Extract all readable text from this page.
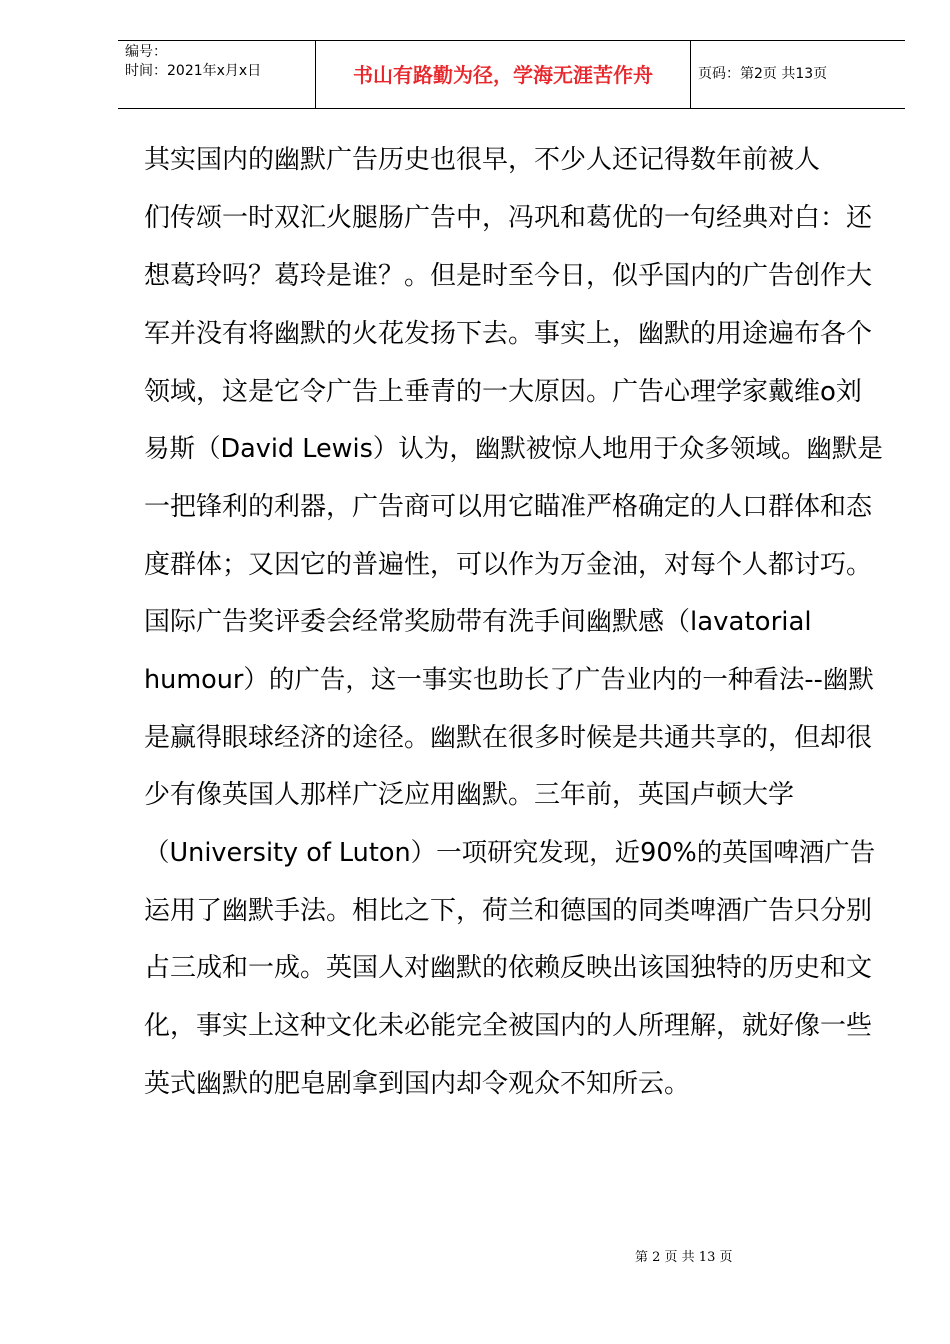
编号：
时间：2021年x月x日	书山有路勤为径，学海无涯苦作舟	页码：第2页 共13页
其实国内的幽默广告历史也很早，不少人还记得数年前被人
们传颂一时双汇火腿肠广告中，冯巩和葛优的一句经典对白：还
想葛玲吗？葛玲是谁？。但是时至今日，似乎国内的广告创作大
军并没有将幽默的火花发扬下去。事实上，幽默的用途遍布各个
领域，这是它令广告上垂青的一大原因。广告心理学家戴维ο刘
易斯（David Lewis）认为，幽默被惊人地用于众多领域。幽默是
一把锋利的利器，广告商可以用它瞄准严格确定的人口群体和态
度群体；又因它的普遍性，可以作为万金油，对每个人都讨巧。
国际广告奖评委会经常奖励带有洗手间幽默感（lavatorial
humour）的广告，这一事实也助长了广告业内的一种看法--幽默
是赢得眼球经济的途径。幽默在很多时候是共通共享的，但却很
少有像英国人那样广泛应用幽默。三年前，英国卢顿大学
（University of Luton）一项研究发现，近90%的英国啤酒广告
运用了幽默手法。相比之下，荷兰和德国的同类啤酒广告只分别
占三成和一成。英国人对幽默的依赖反映出该国独特的历史和文
化，事实上这种文化未必能完全被国内的人所理解，就好像一些
英式幽默的肥皂剧拿到国内却令观众不知所云。
第 2 页 共 13 页
